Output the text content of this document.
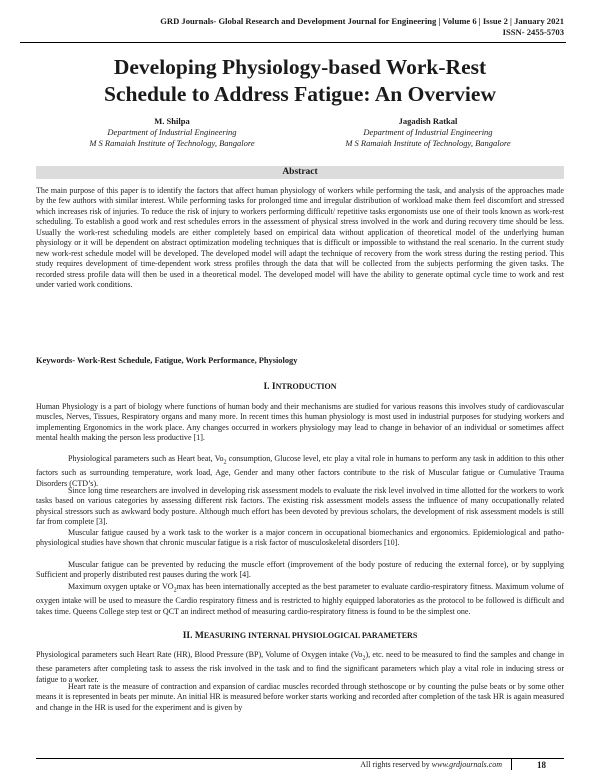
GRD Journals- Global Research and Development Journal for Engineering | Volume 6 | Issue 2 | January 2021
ISSN- 2455-5703
Developing Physiology-based Work-Rest
Schedule to Address Fatigue: An Overview
M. Shilpa
Department of Industrial Engineering
M S Ramaiah Institute of Technology, Bangalore
Jagadish Ratkal
Department of Industrial Engineering
M S Ramaiah Institute of Technology, Bangalore
Abstract

The main purpose of this paper is to identify the factors that affect human physiology of workers while performing the task, and analysis of the approaches made by the few authors with similar interest. While performing tasks for prolonged time and irregular distribution of workload make them feel discomfort and stressed which increases risk of injuries. To reduce the risk of injury to workers performing difficult/ repetitive tasks ergonomists use one of their tools known as work-rest scheduling. To establish a good work and rest schedules errors in the assessment of physical stress involved in the work and during recovery time should be less. Usually the work-rest scheduling models are either completely based on empirical data without application of theoretical model of the underlying human physiology or it will be dependent on abstract optimization modeling techniques that is difficult or impossible to withstand the real scenario. In the current study new work-rest schedule model will be developed. The developed model will adapt the technique of recovery from the work stress during the resting period. This study requires development of time-dependent work stress profiles through the data that will be collected from the subjects performing the given tasks. The recorded stress profile data will then be used in a theoretical model. The developed model will have the ability to generate optimal cycle time to work and rest under varied work conditions.

Keywords- Work-Rest Schedule, Fatigue, Work Performance, Physiology
I. INTRODUCTION

Human Physiology is a part of biology where functions of human body and their mechanisms are studied for various reasons this involves study of cardiovascular muscles, Nerves, Tissues, Respiratory organs and many more. In recent times this human physiology is most used in industrial purposes for studying workers and implementing Ergonomics in the work place. Any changes occurred in workers physiology may lead to change in behavior of an individual or sometimes affect mental health making the person less productive [1].

Physiological parameters such as Heart beat, $Vo_2$ consumption, Glucose level, etc play a vital role in humans to perform any task in addition to this other factors such as surrounding temperature, work load, Age, Gender and many other factors contribute to the risk of Muscular fatigue or Cumulative Trauma Disorders (CTD’s).

Since long time researchers are involved in developing risk assessment models to evaluate the risk level involved in time allotted for the workers to work tasks based on various categories by assessing different risk factors. The existing risk assessment models assess the influence of many occupationally related physical stressors such as awkward body posture. Although much effort has been devoted by previous scholars, the development of risk assessment models is still far from complete [3].

Muscular fatigue caused by a work task to the worker is a major concern in occupational biomechanics and ergonomics. Epidemiological and patho-physiological studies have shown that chronic muscular fatigue is a risk factor of musculoskeletal disorders [10].

Muscular fatigue can be prevented by reducing the muscle effort (improvement of the body posture of reducing the external force), or by supplying Sufficient and properly distributed rest pauses during the work [4].

Maximum oxygen uptake or $VO_2\max$ has been internationally accepted as the best parameter to evaluate cardio-respiratory fitness. Maximum volume of oxygen intake will be used to measure the Cardio respiratory fitness and is restricted to highly equipped laboratories as the protocol to be followed is difficult and takes time. Queens College step test or QCT an indirect method of measuring cardio-respiratory fitness is found to be the simplest one.

II. MEASURING INTERNAL PHYSIOLOGICAL PARAMETERS

Physiological parameters such Heart Rate (HR), Blood Pressure (BP), Volume of Oxygen intake $(Vo_2)$, etc. need to be measured to find the samples and change in these parameters after completing task to assess the risk involved in the task and to find the significant parameters which play a vital role in inducing stress or fatigue to a worker.

Heart rate is the measure of contraction and expansion of cardiac muscles recorded through stethoscope or by counting the pulse beats or by some other means it is represented in beats per minute. An initial HR is measured before worker starts working and recorded after completion of the task HR is again measured and change in the HR is used for the experiment and is given by

All rights reserved by www.grdjournals.com	18
